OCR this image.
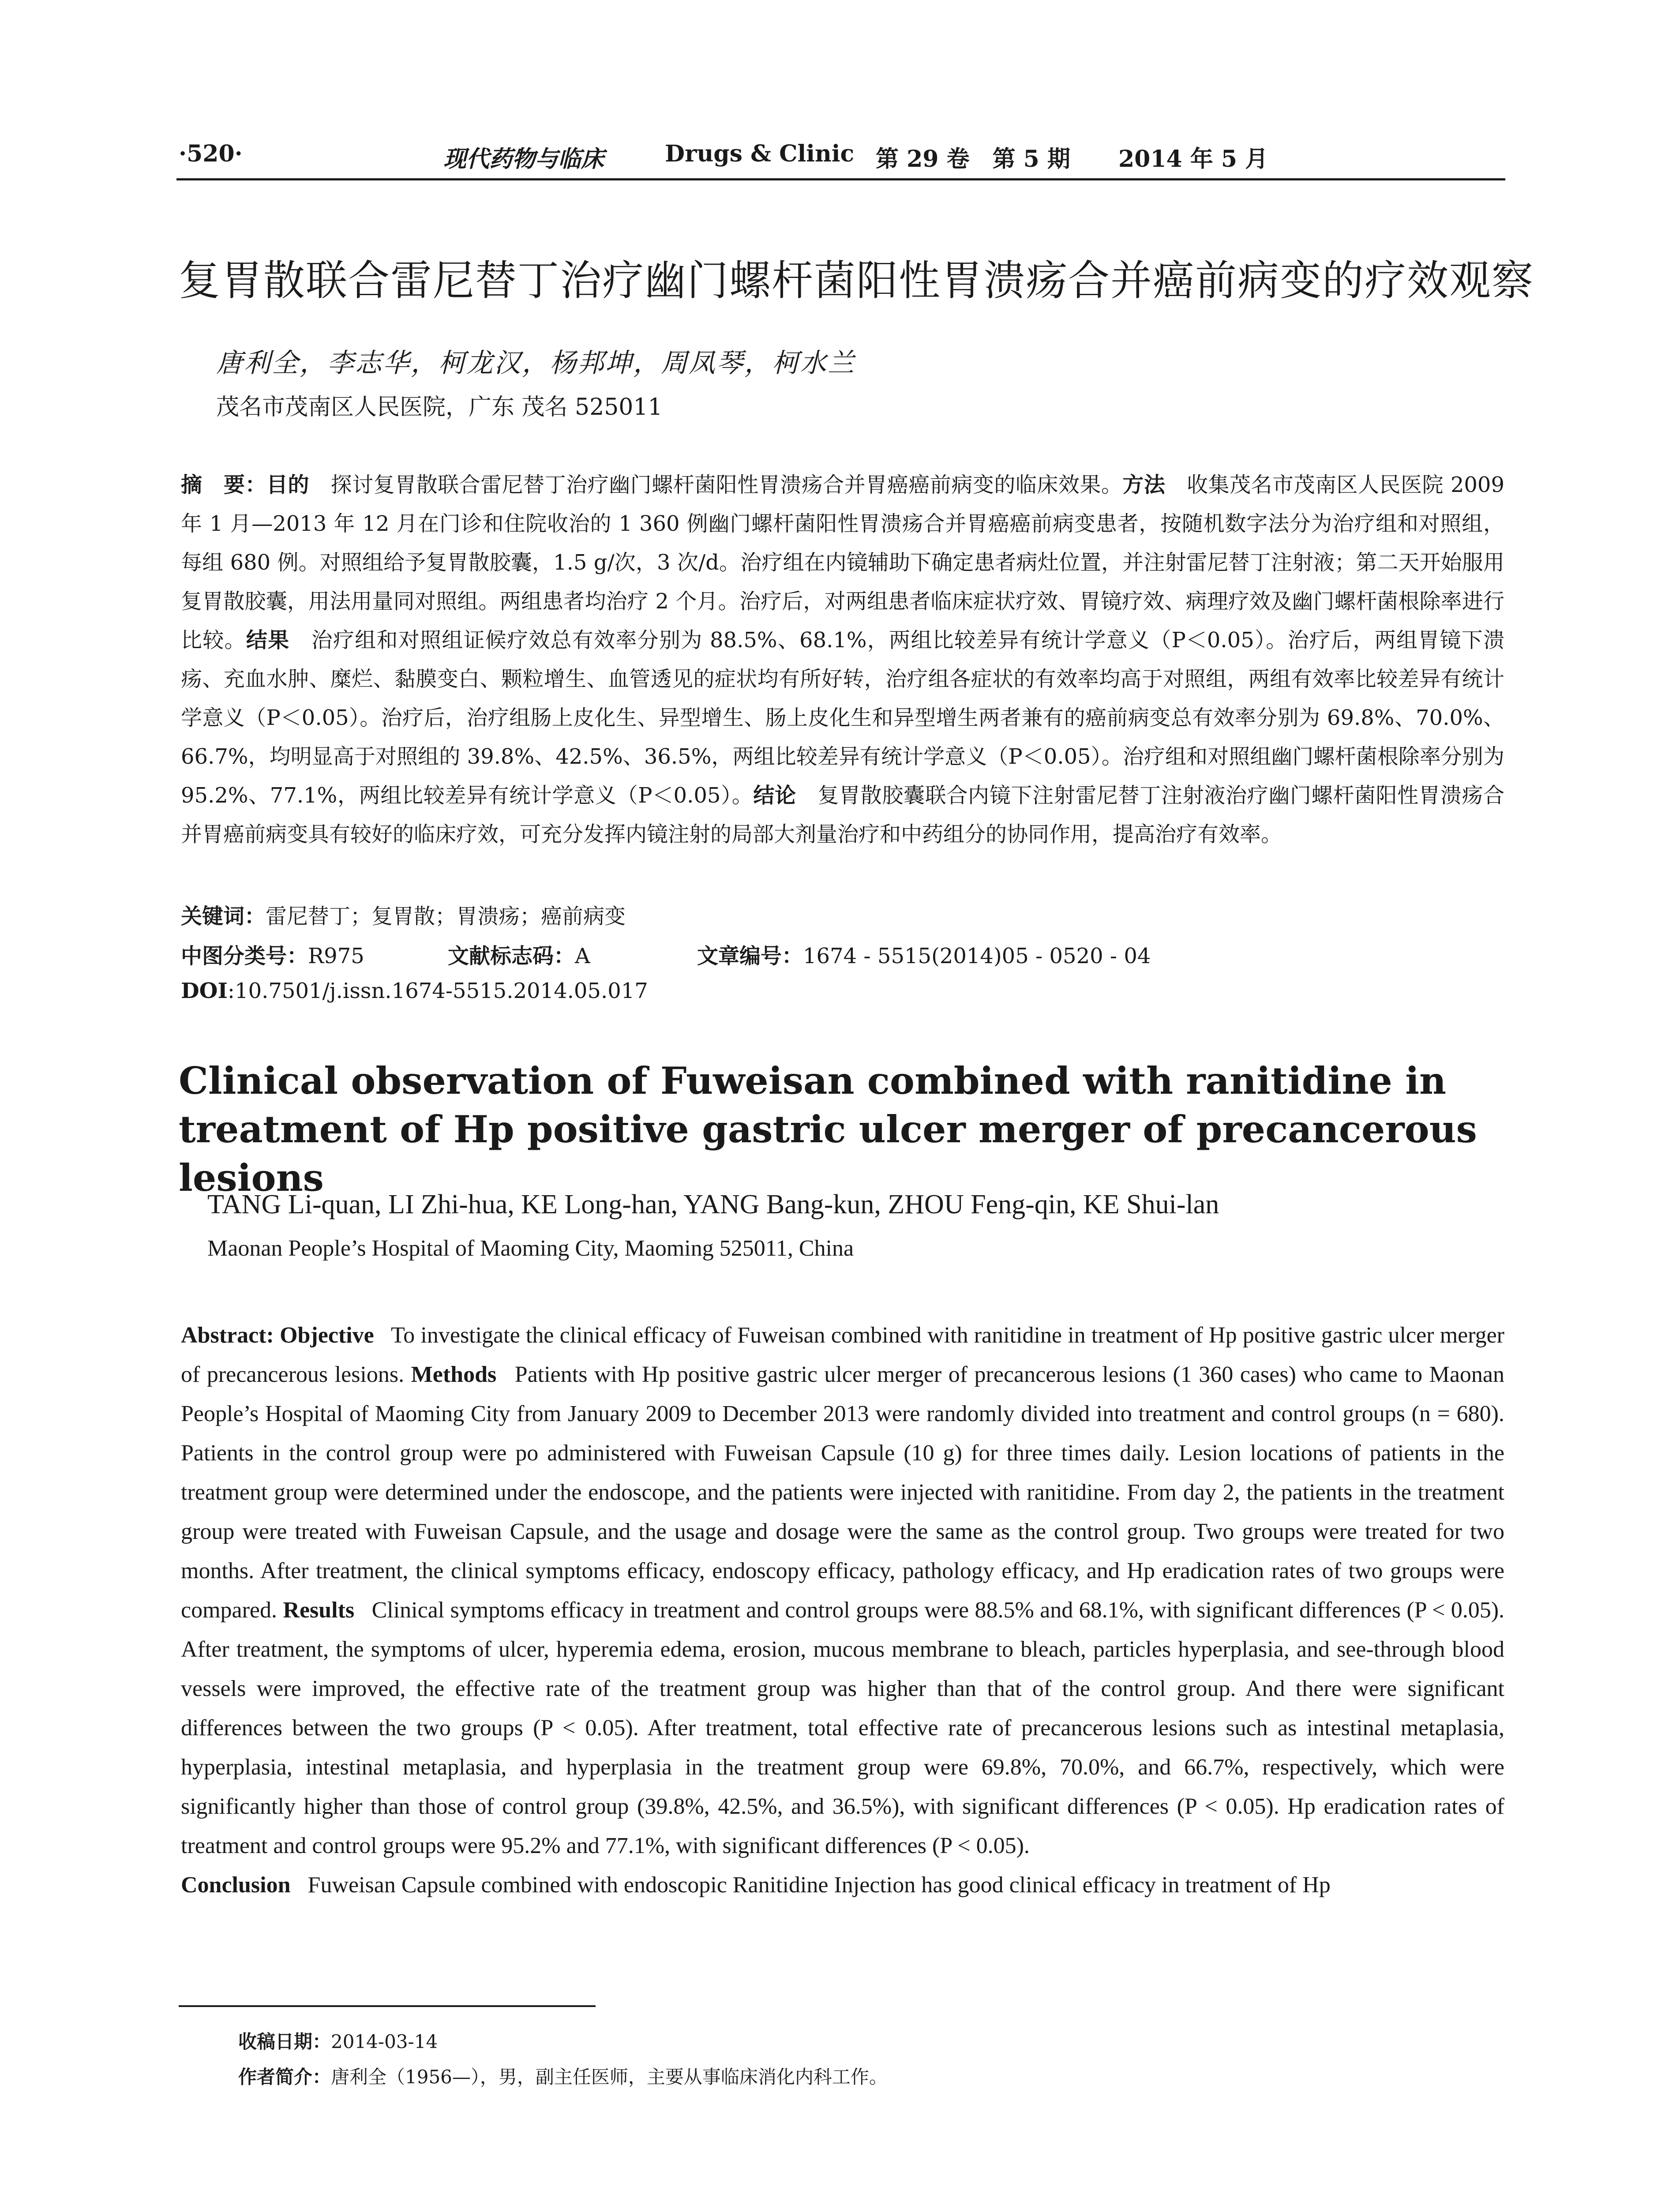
·520·	现代药物与临床	Drugs & Clinic 第 29 卷　第 5 期 2014 年 5 月
复胃散联合雷尼替丁治疗幽门螺杆菌阳性胃溃疡合并癌前病变的疗效观察
唐利全，李志华，柯龙汉，杨邦坤，周凤琴，柯水兰
茂名市茂南区人民医院，广东 茂名 525011
摘　要：目的  探讨复胃散联合雷尼替丁治疗幽门螺杆菌阳性胃溃疡合并胃癌癌前病变的临床效果。方法  收集茂名市茂南区人民医院 2009 年 1 月—2013 年 12 月在门诊和住院收治的 1 360 例幽门螺杆菌阳性胃溃疡合并胃癌癌前病变患者，按随机数字法分为治疗组和对照组，每组 680 例。对照组给予复胃散胶囊，1.5 g/次，3 次/d。治疗组在内镜辅助下确定患者病灶位置，并注射雷尼替丁注射液；第二天开始服用复胃散胶囊，用法用量同对照组。两组患者均治疗 2 个月。治疗后，对两组患者临床症状疗效、胃镜疗效、病理疗效及幽门螺杆菌根除率进行比较。结果  治疗组和对照组证候疗效总有效率分别为 88.5%、68.1%，两组比较差异有统计学意义（P＜0.05）。治疗后，两组胃镜下溃疡、充血水肿、糜烂、黏膜变白、颗粒增生、血管透见的症状均有所好转，治疗组各症状的有效率均高于对照组，两组有效率比较差异有统计学意义（P＜0.05）。治疗后，治疗组肠上皮化生、异型增生、肠上皮化生和异型增生两者兼有的癌前病变总有效率分别为 69.8%、70.0%、66.7%，均明显高于对照组的 39.8%、42.5%、36.5%，两组比较差异有统计学意义（P＜0.05）。治疗组和对照组幽门螺杆菌根除率分别为 95.2%、77.1%，两组比较差异有统计学意义（P＜0.05）。结论  复胃散胶囊联合内镜下注射雷尼替丁注射液治疗幽门螺杆菌阳性胃溃疡合并胃癌前病变具有较好的临床疗效，可充分发挥内镜注射的局部大剂量治疗和中药组分的协同作用，提高治疗有效率。
关键词：雷尼替丁；复胃散；胃溃疡；癌前病变
中图分类号：R975	文献标志码：A	文章编号：1674 - 5515(2014)05 - 0520 - 04
DOI:10.7501/j.issn.1674-5515.2014.05.017
Clinical observation of Fuweisan combined with ranitidine in treatment of Hp positive gastric ulcer merger of precancerous lesions
TANG Li-quan, LI Zhi-hua, KE Long-han, YANG Bang-kun, ZHOU Feng-qin, KE Shui-lan
Maonan People’s Hospital of Maoming City, Maoming 525011, China
Abstract: Objective  To investigate the clinical efficacy of Fuweisan combined with ranitidine in treatment of Hp positive gastric ulcer merger of precancerous lesions. Methods  Patients with Hp positive gastric ulcer merger of precancerous lesions (1 360 cases) who came to Maonan People’s Hospital of Maoming City from January 2009 to December 2013 were randomly divided into treatment and control groups (n = 680). Patients in the control group were po administered with Fuweisan Capsule (10 g) for three times daily. Lesion locations of patients in the treatment group were determined under the endoscope, and the patients were injected with ranitidine. From day 2, the patients in the treatment group were treated with Fuweisan Capsule, and the usage and dosage were the same as the control group. Two groups were treated for two months. After treatment, the clinical symptoms efficacy, endoscopy efficacy, pathology efficacy, and Hp eradication rates of two groups were compared. Results  Clinical symptoms efficacy in treatment and control groups were 88.5% and 68.1%, with significant differences (P < 0.05). After treatment, the symptoms of ulcer, hyperemia edema, erosion, mucous membrane to bleach, particles hyperplasia, and see-through blood vessels were improved, the effective rate of the treatment group was higher than that of the control group. And there were significant differences between the two groups (P < 0.05). After treatment, total effective rate of precancerous lesions such as intestinal metaplasia, hyperplasia, intestinal metaplasia, and hyperplasia in the treatment group were 69.8%, 70.0%, and 66.7%, respectively, which were significantly higher than those of control group (39.8%, 42.5%, and 36.5%), with significant differences (P < 0.05). Hp eradication rates of treatment and control groups were 95.2% and 77.1%, with significant differences (P < 0.05).
Conclusion  Fuweisan Capsule combined with endoscopic Ranitidine Injection has good clinical efficacy in treatment of Hp
收稿日期：2014-03-14
作者简介：唐利全（1956—），男，副主任医师，主要从事临床消化内科工作。
